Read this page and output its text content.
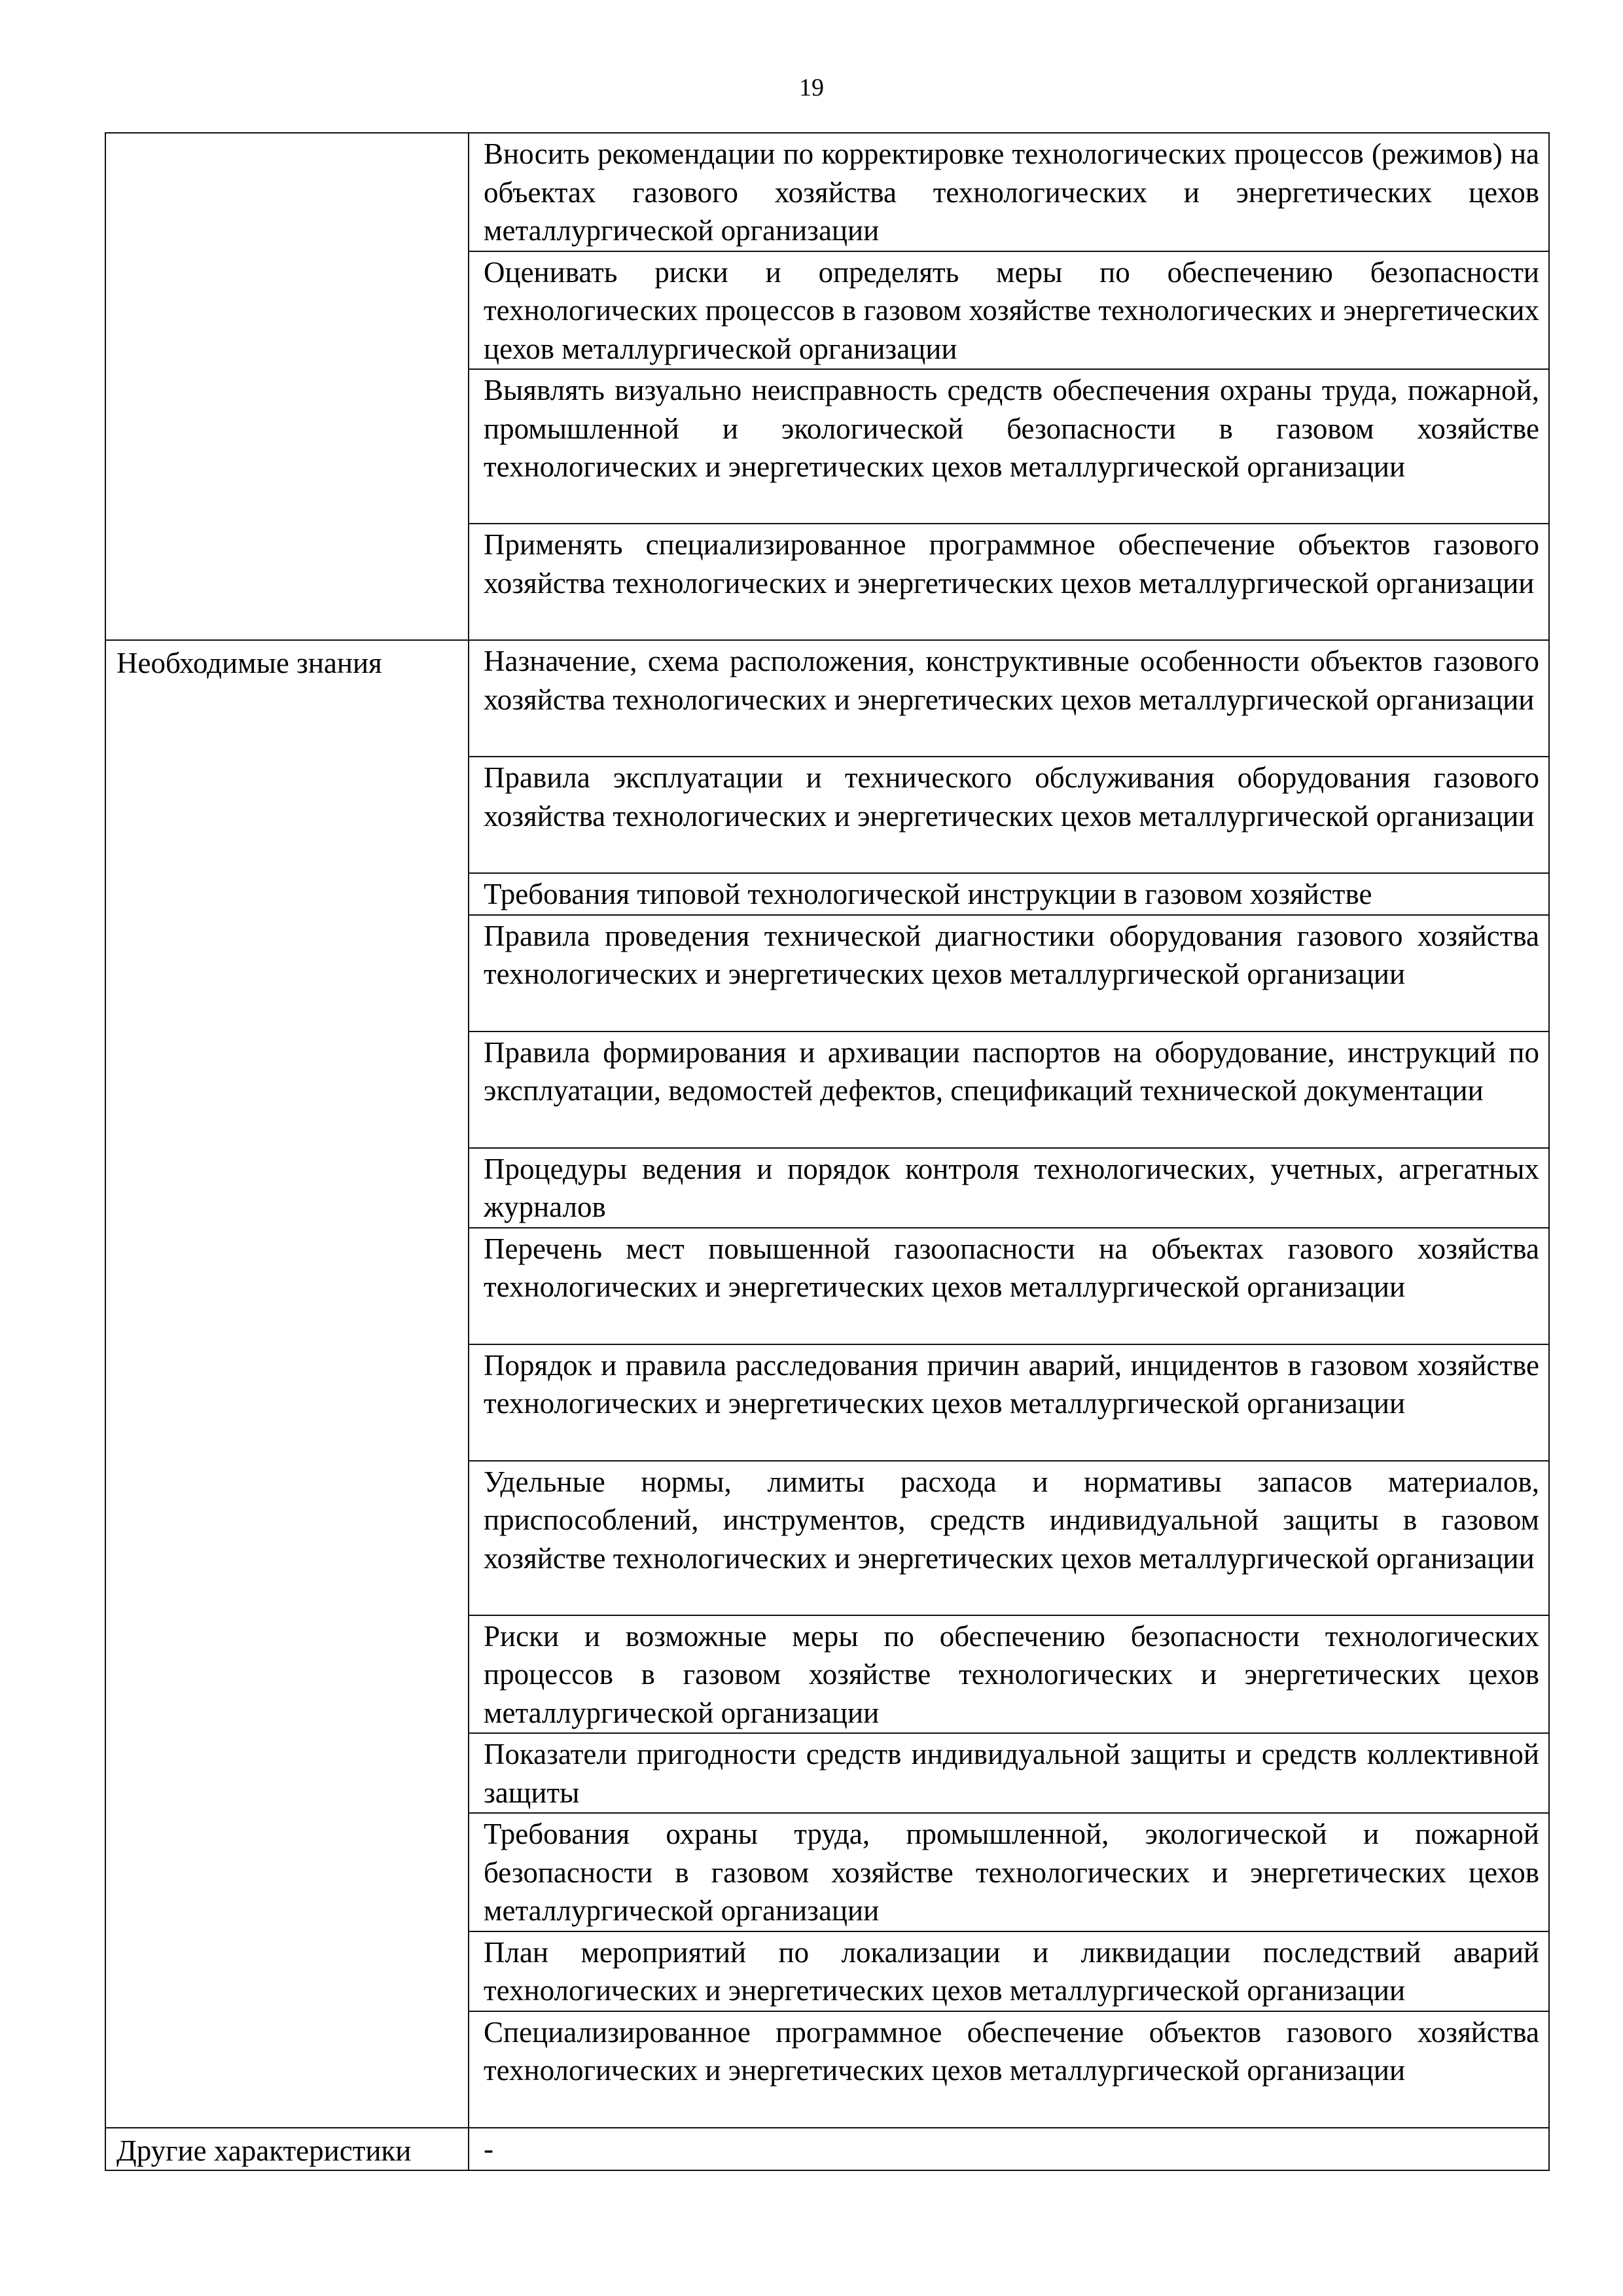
19

	Вносить рекомендации по корректировке технологических процессов (режимов) на объектах газового хозяйства технологических и энергетических цехов металлургической организации

	Оценивать риски и определять меры по обеспечению безопасности технологических процессов в газовом хозяйстве технологических и энергетических цехов металлургической организации

	Выявлять визуально неисправность средств обеспечения охраны труда, пожарной, промышленной и экологической безопасности в газовом хозяйстве технологических и энергетических цехов металлургической организации

	Применять специализированное программное обеспечение объектов газового хозяйства технологических и энергетических цехов металлургической организации

Необходимые знания	Назначение, схема расположения, конструктивные особенности объектов газового хозяйства технологических и энергетических цехов металлургической организации

	Правила эксплуатации и технического обслуживания оборудования газового хозяйства технологических и энергетических цехов металлургической организации

	Требования типовой технологической инструкции в газовом хозяйстве

	Правила проведения технической диагностики оборудования газового хозяйства технологических и энергетических цехов металлургической организации

	Правила формирования и архивации паспортов на оборудование, инструкций по эксплуатации, ведомостей дефектов, спецификаций технической документации

	Процедуры ведения и порядок контроля технологических, учетных, агрегатных журналов

	Перечень мест повышенной газоопасности на объектах газового хозяйства технологических и энергетических цехов металлургической организации

	Порядок и правила расследования причин аварий, инцидентов в газовом хозяйстве технологических и энергетических цехов металлургической организации

	Удельные нормы, лимиты расхода и нормативы запасов материалов, приспособлений, инструментов, средств индивидуальной защиты в газовом хозяйстве технологических и энергетических цехов металлургической организации

	Риски и возможные меры по обеспечению безопасности технологических процессов в газовом хозяйстве технологических и энергетических цехов металлургической организации

	Показатели пригодности средств индивидуальной защиты и средств коллективной защиты

	Требования охраны труда, промышленной, экологической и пожарной безопасности в газовом хозяйстве технологических и энергетических цехов металлургической организации

	План мероприятий по локализации и ликвидации последствий аварий технологических и энергетических цехов металлургической организации

	Специализированное программное обеспечение объектов газового хозяйства технологических и энергетических цехов металлургической организации

Другие характеристики	-
